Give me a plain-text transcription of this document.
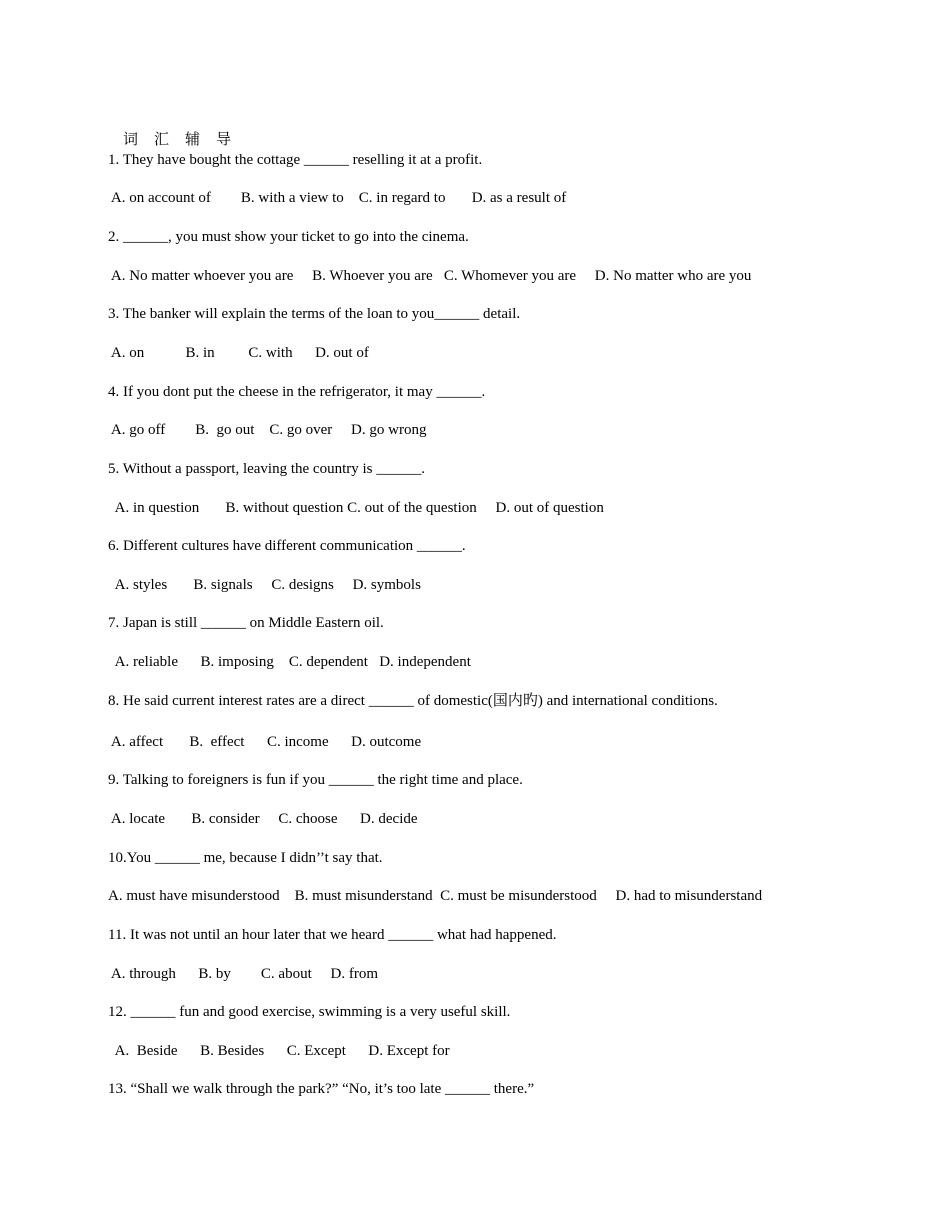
词 汇 辅 导

1. They have bought the cottage ______ reselling it at a profit.
A. on account of        B. with a view to    C. in regard to       D. as a result of
2. ______, you must show your ticket to go into the cinema.
A. No matter whoever you are     B. Whoever you are   C. Whomever you are     D. No matter who are you
3. The banker will explain the terms of the loan to you______ detail.
A. on           B. in         C. with      D. out of
4. If you dont put the cheese in the refrigerator, it may ______.
A. go off        B.  go out    C. go over     D. go wrong
5. Without a passport, leaving the country is ______.
A. in question       B. without question C. out of the question     D. out of question
6. Different cultures have different communication ______.
A. styles       B. signals     C. designs     D. symbols
7. Japan is still ______ on Middle Eastern oil.
A. reliable      B. imposing    C. dependent   D. independent
8. He said current interest rates are a direct ______ of domestic(国内旳) and international conditions.
A. affect       B.  effect      C. income      D. outcome
9. Talking to foreigners is fun if you ______ the right time and place.
A. locate       B. consider     C. choose      D. decide
10.You ______ me, because I didn’’t say that.
A. must have misunderstood    B. must misunderstand  C. must be misunderstood     D. had to misunderstand
11. It was not until an hour later that we heard ______ what had happened.
A. through      B. by        C. about     D. from
12. ______ fun and good exercise, swimming is a very useful skill.
A.  Beside      B. Besides      C. Except      D. Except for
13. “Shall we walk through the park?” “No, it’s too late ______ there.”
